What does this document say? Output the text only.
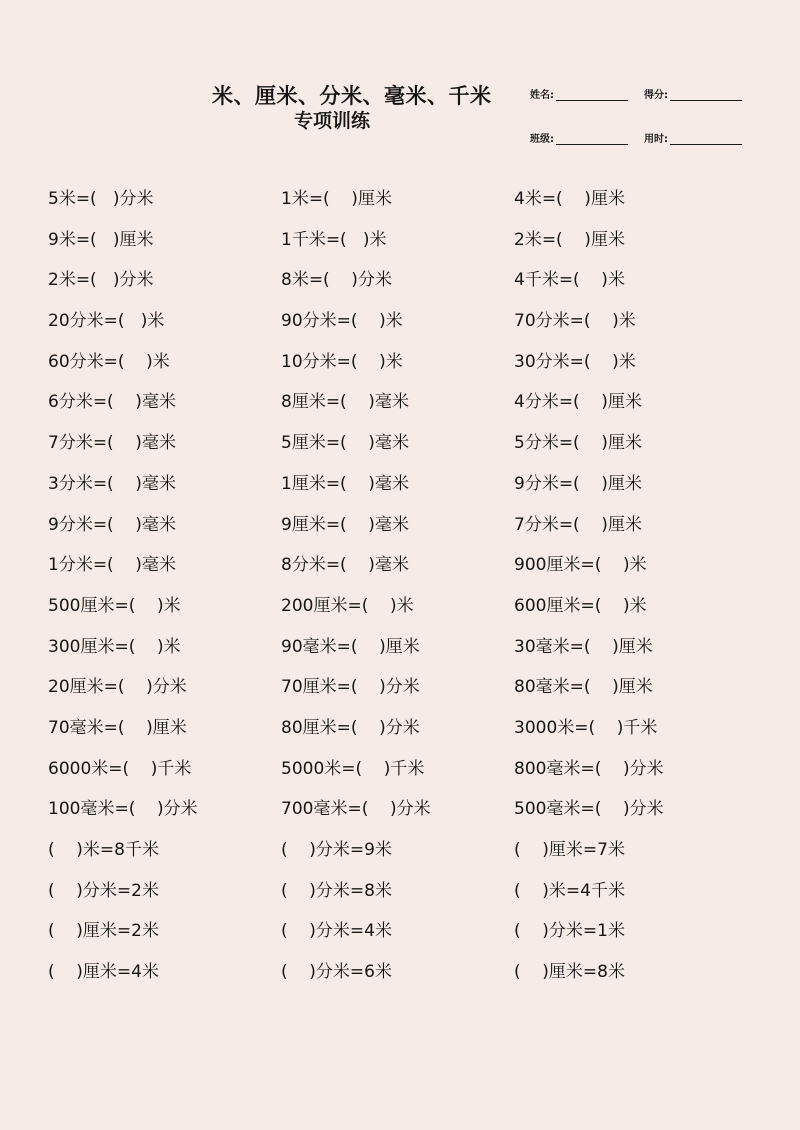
米、厘米、分米、毫米、千米
专项训练
姓名:	得分:
班级:	用时:
5米=(   )分米	1米=(    )厘米	4米=(    )厘米
9米=(   )厘米	1千米=(   )米	2米=(    )厘米
2米=(   )分米	8米=(    )分米	4千米=(    )米
20分米=(   )米	90分米=(    )米	70分米=(    )米
60分米=(    )米	10分米=(    )米	30分米=(    )米
6分米=(    )毫米	8厘米=(    )毫米	4分米=(    )厘米
7分米=(    )毫米	5厘米=(    )毫米	5分米=(    )厘米
3分米=(    )毫米	1厘米=(    )毫米	9分米=(    )厘米
9分米=(    )毫米	9厘米=(    )毫米	7分米=(    )厘米
1分米=(    )毫米	8分米=(    )毫米	900厘米=(    )米
500厘米=(    )米	200厘米=(    )米	600厘米=(    )米
300厘米=(    )米	90毫米=(    )厘米	30毫米=(    )厘米
20厘米=(    )分米	70厘米=(    )分米	80毫米=(    )厘米
70毫米=(    )厘米	80厘米=(    )分米	3000米=(    )千米
6000米=(    )千米	5000米=(    )千米	800毫米=(    )分米
100毫米=(    )分米	700毫米=(    )分米	500毫米=(    )分米
(    )米=8千米	(    )分米=9米	(    )厘米=7米
(    )分米=2米	(    )分米=8米	(    )米=4千米
(    )厘米=2米	(    )分米=4米	(    )分米=1米
(    )厘米=4米	(    )分米=6米	(    )厘米=8米
